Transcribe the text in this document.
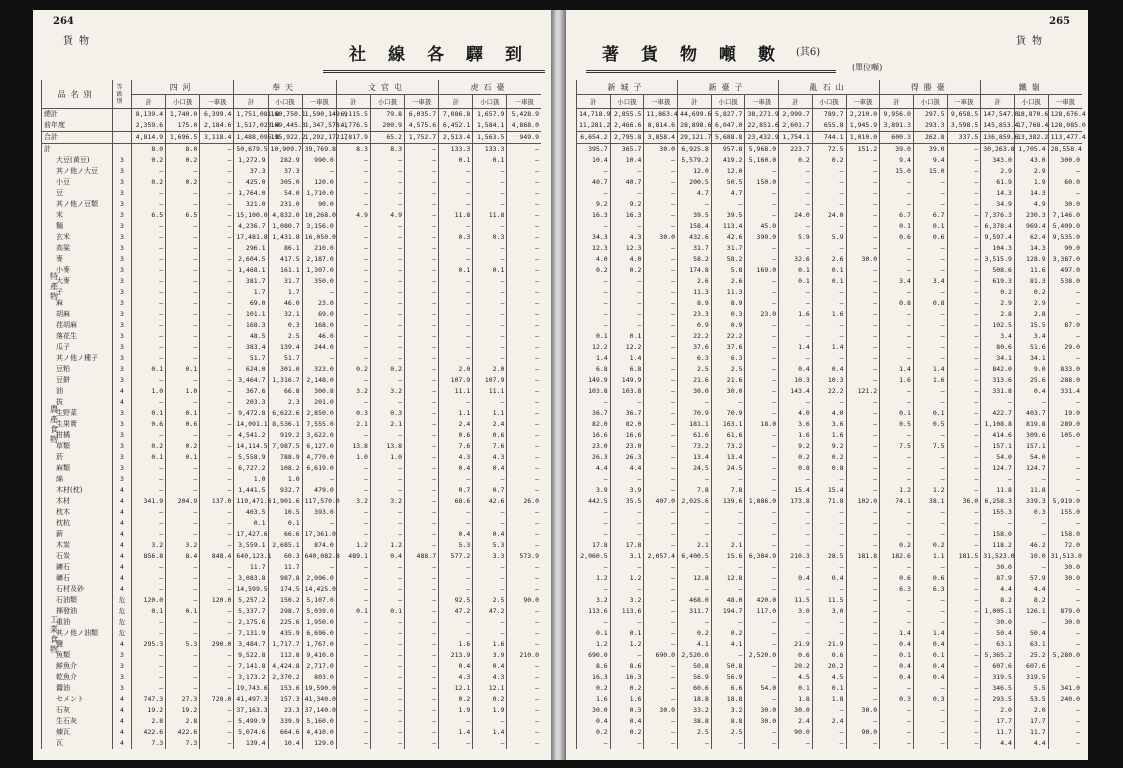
264
貨物
社線各驛到
品名別	等級別	四河			奉天			文官屯			虎石臺		
		計	小口扱	一車扱	計	小口扱	一車扱	計	小口扱	一車扱	計	小口扱	一車扱
總計		8,139.4	1,740.0	6,399.4	1,751,081.8	160,750.1	1,590,149.9	6,115.5	79.8	6,035.7	7,086.8	1,657.9	5,428.9
前年度		2,359.6	175.0	2,184.6	1,517,023.4	169,445.3	1,347,578.1	4,776.5	200.9	4,575.6	6,452.1	1,584.1	4,868.0
合計		4,814.9	1,696.5	3,118.4	1,488,095.8	195,922.2	1,292,172.7	1,817.9	65.2	1,752.7	2,513.4	1,563.5	949.9
計		8.0	8.0	—	50,679.5	10,909.7	39,769.8	8.3	8.3	—	133.3	133.3	—
大豆(黄豆)	3	0.2	0.2	—	1,272.9	282.9	990.0	—	—	—	0.1	0.1	—
其ノ他ノ大豆	3	—	—	—	37.3	37.3	—	—	—	—	—	—	—
小豆	3	0.2	0.2	—	425.0	305.0	120.0	—	—	—	—	—	—
豆	3	—	—	—	1,764.0	54.0	1,710.0	—	—	—	—	—	—
其ノ他ノ豆類	3	—	—	—	321.0	231.0	90.0	—	—	—	—	—	—
米	3	6.5	6.5	—	15,100.0	4,832.0	10,268.0	4.9	4.9	—	11.8	11.8	—
麵	3	—	—	—	4,236.7	1,080.7	3,156.0	—	—	—	—	—	—
玄米	3	—	—	—	17,481.8	1,431.8	16,050.0	—	—	—	0.3	0.3	—
高粱	3	—	—	—	296.1	86.1	210.0	—	—	—	—	—	—
麥	3	—	—	—	2,604.5	417.5	2,187.0	—	—	—	—	—	—
小麥	3	—	—	—	1,468.1	161.1	1,307.0	—	—	—	0.1	0.1	—
大麥	3	—	—	—	381.7	31.7	350.0	—	—	—	—	—	—
子	3	—	—	—	1.7	1.7	—	—	—	—	—	—	—
麻	3	—	—	—	69.0	46.0	23.0	—	—	—	—	—	—
胡麻	3	—	—	—	101.1	32.1	69.0	—	—	—	—	—	—
荏胡麻	3	—	—	—	168.3	0.3	168.0	—	—	—	—	—	—
落花生	3	—	—	—	48.5	2.5	46.0	—	—	—	—	—	—
瓜子	3	—	—	—	383.4	139.4	244.0	—	—	—	—	—	—
其ノ他ノ種子	3	—	—	—	51.7	51.7	—	—	—	—	—	—	—
豆粕	3	0.1	0.1	—	624.0	301.0	323.0	0.2	0.2	—	2.0	2.0	—
豆餅	3	—	—	—	3,464.7	1,316.7	2,148.0	—	—	—	107.9	107.9	—
油	4	1.0	1.0	—	367.6	66.8	300.8	3.2	3.2	—	11.1	11.1	—
拔	4	—	—	—	203.3	2.3	201.0	—	—	—	—	—	—
生野菜	3	0.1	0.1	—	9,472.8	6,622.6	2,850.0	0.3	0.3	—	1.1	1.1	—
生果實	3	0.6	0.6	—	14,091.1	8,536.1	7,555.0	2.1	2.1	—	2.4	2.4	—
柑橘	3	—	—	—	4,541.2	919.2	3,622.0	—	—	—	0.6	0.6	—
草類	3	0.2	0.2	—	14,114.5	7,987.5	6,127.0	13.8	13.8	—	7.6	7.6	—
菸	3	0.1	0.1	—	5,558.9	788.9	4,770.0	1.0	1.0	—	4.3	4.3	—
麻類	3	—	—	—	6,727.2	108.2	6,619.0	—	—	—	0.4	0.4	—
綿	3	—	—	—	1.0	1.0	—	—	—	—	—	—	—
木材(枕)	4	—	—	—	1,441.5	932.7	479.0	—	—	—	0.7	0.7	—
木材	4	341.9	204.9	137.0	119,471.6	1,901.6	117,570.0	3.2	3.2	—	68.6	42.6	26.0
枕木	4	—	—	—	403.5	10.5	393.0	—	—	—	—	—	—
枕杭	4	—	—	—	0.1	0.1	—	—	—	—	—	—	—
薪	4	—	—	—	17,427.6	66.6	17,361.0	—	—	—	0.4	0.4	—
木炭	4	3.2	3.2	—	3,559.1	2,685.1	874.0	1.2	1.2	—	5.3	5.3	—
石炭	4	856.8	8.4	848.4	640,123.1	60.3	640,082.8	489.1	0.4	488.7	577.2	3.3	573.9
鑛石	4	—	—	—	11.7	11.7	—	—	—	—	—	—	—
礦石	4	—	—	—	3,083.8	987.8	2,096.0	—	—	—	—	—	—
石材及砂	4	—	—	—	14,599.5	174.5	14,425.0	—	—	—	—	—	—
石油類	危	120.0	—	120.0	5,257.2	150.2	5,107.0	—	—	—	92.5	2.5	90.0
揮發油	危	0.1	0.1	—	5,337.7	298.7	5,039.0	0.1	0.1	—	47.2	47.2	—
重油	危	—	—	—	2,175.6	225.6	1,950.0	—	—	—	—	—	—
其ノ他ノ油類	危	—	—	—	7,131.9	435.9	6,696.0	—	—	—	—	—	—
鹽	4	295.3	5.3	290.0	3,484.7	1,717.7	1,767.0	—	—	—	1.6	1.6	—
魚類	3	—	—	—	9,522.8	112.8	9,410.0	—	—	—	213.9	3.9	210.0
鮮魚介	3	—	—	—	7,141.8	4,424.8	2,717.0	—	—	—	0.4	0.4	—
乾魚介	3	—	—	—	3,173.2	2,370.2	803.0	—	—	—	4.3	4.3	—
醬油	3	—	—	—	19,743.6	153.6	19,590.0	—	—	—	12.1	12.1	—
セメント	4	747.3	27.3	720.0	41,497.3	157.3	41,340.0	—	—	—	0.2	0.2	—
石灰	4	19.2	19.2	—	37,163.3	23.3	37,140.0	—	—	—	1.9	1.9	—
生石灰	4	2.8	2.8	—	5,499.9	339.9	5,160.0	—	—	—	—	—	—
煉瓦	4	422.6	422.6	—	5,074.6	664.6	4,410.0	—	—	—	1.4	1.4	—
瓦	4	7.3	7.3	—	139.4	10.4	129.0	—	—	—	—	—	—
特產物
農產食物
工業食物
265
貨物
著貨物噸數 (其6)
(單位噸)
新城子			新臺子			亂石山			得勝臺			鐵嶺		
計	小口扱	一車扱	計	小口扱	一車扱	計	小口扱	一車扱	計	小口扱	一車扱	計	小口扱	一車扱
14,718.9	2,855.5	11,863.4	44,699.6	5,827.7	38,271.9	2,999.7	789.7	2,210.0	9,956.0	297.5	9,658.5	147,547.0	18,870.6	128,676.4
11,281.2	2,466.6	8,814.6	28,898.6	6,047.0	22,851.6	2,601.7	655.8	1,945.9	3,891.3	293.3	3,598.5	145,853.4	17,768.4	128,085.0
6,654.2	2,795.8	3,858.4	29,121.7	5,688.8	23,432.9	1,754.1	744.1	1,010.0	600.3	262.8	337.5	136,859.6	13,382.2	113,477.4
395.7	365.7	30.0	6,925.8	957.8	5,968.0	223.7	72.5	151.2	39.0	39.0	—	30,263.8	1,705.4	28,558.4
10.4	10.4	—	5,579.2	419.2	5,160.0	0.2	0.2	—	9.4	9.4	—	343.0	43.0	300.0
—	—	—	12.0	12.0	—	—	—	—	15.0	15.0	—	2.9	2.9	—
40.7	40.7	—	200.5	50.5	150.0	—	—	—	—	—	—	61.9	1.9	60.0
—	—	—	4.7	4.7	—	—	—	—	—	—	—	14.3	14.3	—
9.2	9.2	—	—	—	—	—	—	—	—	—	—	34.9	4.9	30.0
16.3	16.3	—	39.5	39.5	—	24.0	24.0	—	6.7	6.7	—	7,376.3	230.3	7,146.0
—	—	—	158.4	113.4	45.0	—	—	—	0.1	0.1	—	6,378.4	969.4	5,409.0
34.3	4.3	30.0	432.6	42.6	390.0	5.9	5.9	—	0.6	0.6	—	9,597.4	62.4	9,535.0
12.3	12.3	—	31.7	31.7	—	—	—	—	—	—	—	104.3	14.3	90.0
4.0	4.0	—	58.2	58.2	—	32.6	2.6	30.0	—	—	—	3,515.9	128.9	3,387.0
0.2	0.2	—	174.8	5.8	169.0	0.1	0.1	—	—	—	—	508.6	11.6	497.0
—	—	—	2.6	2.6	—	0.1	0.1	—	3.4	3.4	—	619.3	81.3	538.0
—	—	—	11.3	11.3	—	—	—	—	—	—	—	0.2	0.2	—
—	—	—	8.9	8.9	—	—	—	—	0.8	0.8	—	2.9	2.9	—
—	—	—	23.3	0.3	23.0	1.6	1.6	—	—	—	—	2.8	2.8	—
—	—	—	0.9	0.9	—	—	—	—	—	—	—	102.5	15.5	87.0
0.1	0.1	—	22.2	22.2	—	—	—	—	—	—	—	3.4	3.4	—
12.2	12.2	—	37.6	37.6	—	1.4	1.4	—	—	—	—	80.6	51.6	29.0
1.4	1.4	—	6.3	6.3	—	—	—	—	—	—	—	34.1	34.1	—
6.8	6.8	—	2.5	2.5	—	0.4	0.4	—	1.4	1.4	—	842.0	9.0	833.0
149.9	149.9	—	21.6	21.6	—	10.3	10.3	—	1.6	1.6	—	313.6	25.6	288.0
103.8	103.8	—	30.0	30.0	—	143.4	22.2	121.2	—	—	—	331.8	0.4	331.4
—	—	—	—	—	—	—	—	—	—	—	—	—	—	—
36.7	36.7	—	70.9	70.9	—	4.0	4.0	—	0.1	0.1	—	422.7	403.7	19.0
82.0	82.0	—	181.1	163.1	18.0	3.6	3.6	—	0.5	0.5	—	1,108.8	819.8	289.0
16.6	16.6	—	61.6	61.6	—	1.6	1.6	—	—	—	—	414.6	309.6	105.0
23.0	23.0	—	73.2	73.2	—	9.2	9.2	—	7.5	7.5	—	157.1	157.1	—
26.3	26.3	—	13.4	13.4	—	0.2	0.2	—	—	—	—	54.0	54.0	—
4.4	4.4	—	24.5	24.5	—	0.8	0.8	—	—	—	—	124.7	124.7	—
—	—	—	—	—	—	—	—	—	—	—	—	—	—	—
3.9	3.9	—	7.8	7.8	—	15.4	15.4	—	1.2	1.2	—	11.8	11.8	—
442.5	35.5	407.0	2,025.6	139.6	1,886.0	173.8	71.8	102.0	74.1	38.1	36.0	6,258.3	339.3	5,919.0
—	—	—	—	—	—	—	—	—	—	—	—	155.3	0.3	155.0
—	—	—	—	—	—	—	—	—	—	—	—	—	—	—
—	—	—	—	—	—	—	—	—	—	—	—	158.0	—	158.0
17.8	17.8	—	2.1	2.1	—	—	—	—	0.2	0.2	—	118.2	46.2	72.0
2,060.5	3.1	2,057.4	6,400.5	15.6	6,384.9	210.3	28.5	181.8	182.6	1.1	181.5	31,523.0	10.0	31,513.0
—	—	—	—	—	—	—	—	—	—	—	—	30.0	—	30.0
1.2	1.2	—	12.8	12.8	—	0.4	0.4	—	0.6	0.6	—	87.9	57.9	30.0
—	—	—	—	—	—	—	—	—	6.3	6.3	—	4.4	4.4	—
3.2	3.2	—	468.0	48.0	420.0	11.5	11.5	—	—	—	—	8.2	8.2	—
113.6	113.6	—	311.7	194.7	117.0	3.0	3.0	—	—	—	—	1,005.1	126.1	879.0
—	—	—	—	—	—	—	—	—	—	—	—	30.0	—	30.0
0.1	0.1	—	0.2	0.2	—	—	—	—	1.4	1.4	—	50.4	50.4	—
1.2	1.2	—	4.1	4.1	—	21.9	21.9	—	0.4	0.4	—	63.1	63.1	—
690.0	—	690.0	2,520.0	—	2,520.0	0.6	0.6	—	0.1	0.1	—	5,365.2	25.2	5,280.0
8.6	8.6	—	50.8	50.8	—	20.2	20.2	—	0.4	0.4	—	607.6	607.6	—
16.3	16.3	—	56.9	56.9	—	4.5	4.5	—	0.4	0.4	—	319.5	319.5	—
0.2	0.2	—	60.6	6.6	54.0	0.1	0.1	—	—	—	—	346.5	5.5	341.0
1.6	1.6	—	18.8	18.8	—	1.8	1.8	—	0.3	0.3	—	293.5	53.5	240.0
30.0	0.3	30.0	33.2	3.2	30.0	30.0	—	30.0	—	—	—	2.0	2.0	—
0.4	0.4	—	38.8	8.8	30.0	2.4	2.4	—	—	—	—	17.7	17.7	—
0.2	0.2	—	2.5	2.5	—	90.0	—	90.0	—	—	—	11.7	11.7	—
—	—	—	—	—	—	—	—	—	—	—	—	4.4	4.4	—
